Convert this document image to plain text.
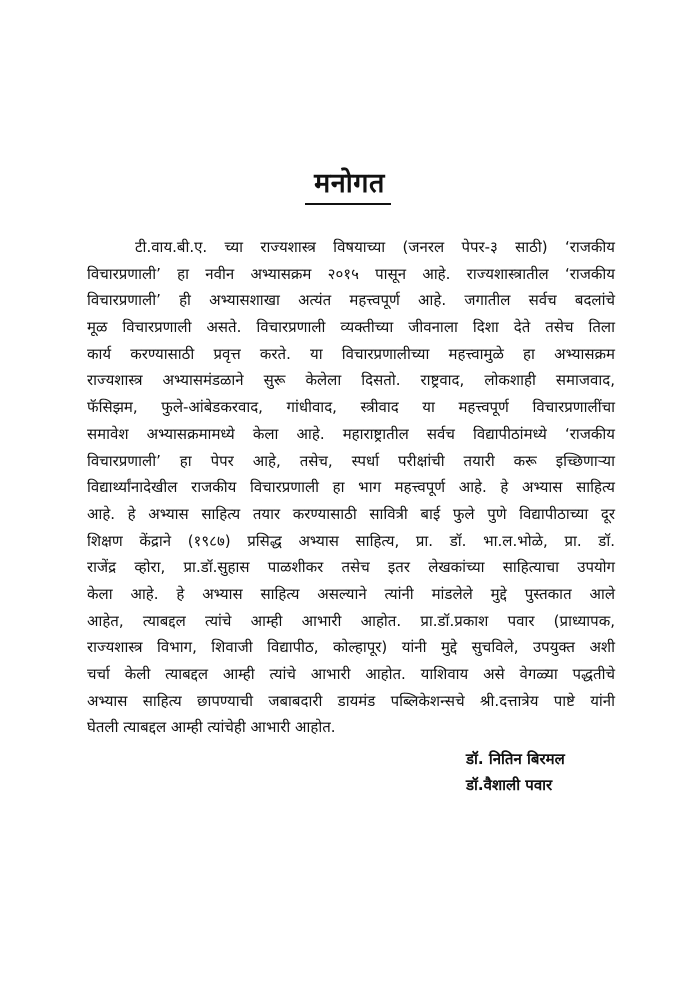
मनोगत
टी.वाय.बी.ए. च्या राज्यशास्त्र विषयाच्या (जनरल पेपर-३ साठी) ‘राजकीय
विचारप्रणाली’ हा नवीन अभ्यासक्रम २०१५ पासून आहे. राज्यशास्त्रातील ‘राजकीय
विचारप्रणाली’ ही अभ्यासशाखा अत्यंत महत्त्वपूर्ण आहे. जगातील सर्वच बदलांचे
मूळ विचारप्रणाली असते. विचारप्रणाली व्यक्तीच्या जीवनाला दिशा देते तसेच तिला
कार्य करण्यासाठी प्रवृत्त करते. या विचारप्रणालीच्या महत्त्वामुळे हा अभ्यासक्रम
राज्यशास्त्र अभ्यासमंडळाने सुरू केलेला दिसतो. राष्ट्रवाद, लोकशाही समाजवाद,
फॅसिझम, फुले-आंबेडकरवाद, गांधीवाद, स्त्रीवाद या महत्त्वपूर्ण विचारप्रणालींचा
समावेश अभ्यासक्रमामध्ये केला आहे. महाराष्ट्रातील सर्वच विद्यापीठांमध्ये ‘राजकीय
विचारप्रणाली’ हा पेपर आहे, तसेच, स्पर्धा परीक्षांची तयारी करू इच्छिणाऱ्या
विद्यार्थ्यांनादेखील राजकीय विचारप्रणाली हा भाग महत्त्वपूर्ण आहे. हे अभ्यास साहित्य
आहे. हे अभ्यास साहित्य तयार करण्यासाठी सावित्री बाई फुले पुणे विद्यापीठाच्या दूर
शिक्षण केंद्राने (१९८७) प्रसिद्ध अभ्यास साहित्य, प्रा. डॉ. भा.ल.भोळे, प्रा. डॉ.
राजेंद्र व्होरा, प्रा.डॉ.सुहास पाळशीकर तसेच इतर लेखकांच्या साहित्याचा उपयोग
केला आहे. हे अभ्यास साहित्य असल्याने त्यांनी मांडलेले मुद्दे पुस्तकात आले
आहेत, त्याबद्दल त्यांचे आम्ही आभारी आहोत. प्रा.डॉ.प्रकाश पवार (प्राध्यापक,
राज्यशास्त्र विभाग, शिवाजी विद्यापीठ, कोल्हापूर) यांनी मुद्दे सुचविले, उपयुक्त अशी
चर्चा केली त्याबद्दल आम्ही त्यांचे आभारी आहोत. याशिवाय असे वेगळ्या पद्धतीचे
अभ्यास साहित्य छापण्याची जबाबदारी डायमंड पब्लिकेशन्सचे श्री.दत्तात्रेय पाष्टे यांनी
घेतली त्याबद्दल आम्ही त्यांचेही आभारी आहोत.
डॉ. नितिन बिरमल
डॉ.वैशाली पवार
